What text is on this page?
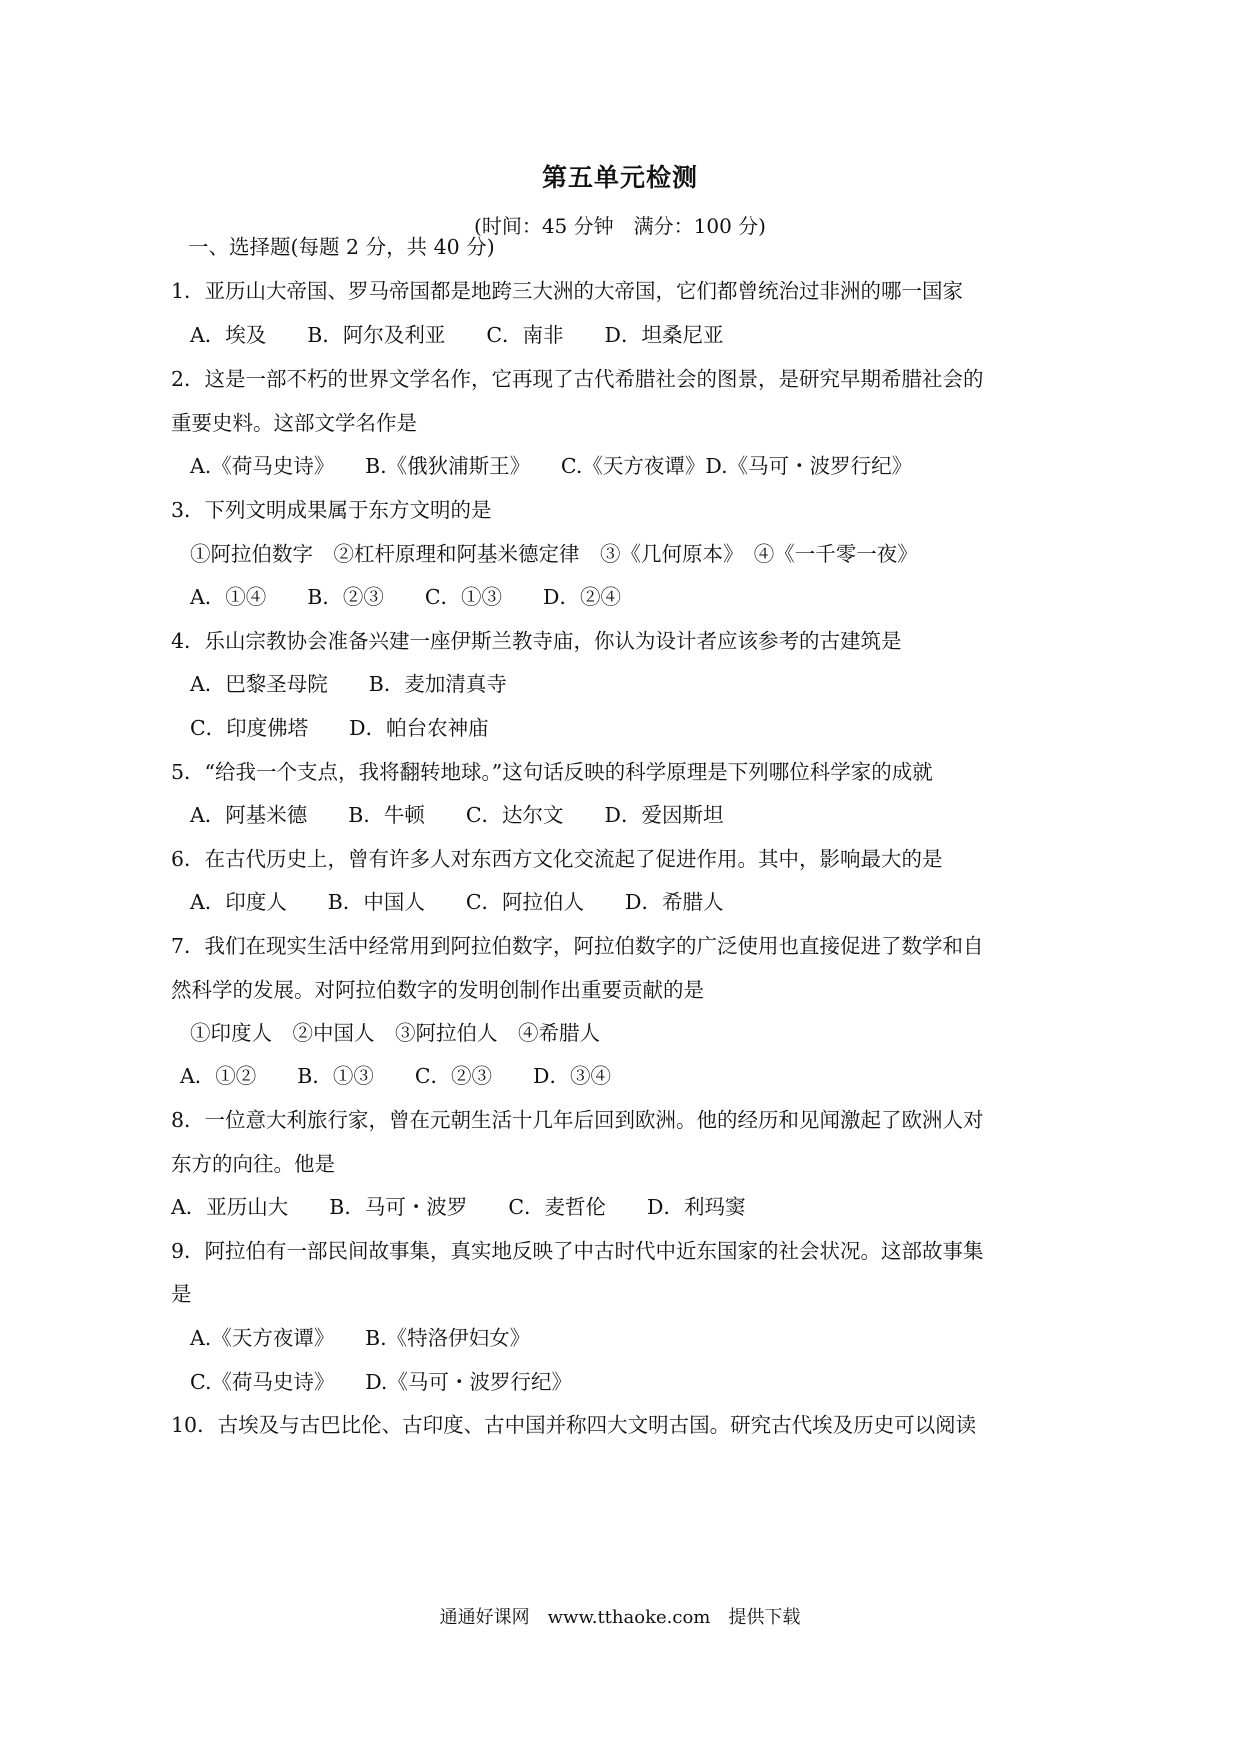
第五单元检测
(时间：45 分钟　满分：100 分)
一、选择题(每题 2 分，共 40 分)
1．亚历山大帝国、罗马帝国都是地跨三大洲的大帝国，它们都曾统治过非洲的哪一国家
A．埃及　　B．阿尔及利亚　　C．南非　　D．坦桑尼亚
2．这是一部不朽的世界文学名作，它再现了古代希腊社会的图景，是研究早期希腊社会的
重要史料。这部文学名作是
A.《荷马史诗》　　B.《俄狄浦斯王》　　C.《天方夜谭》D.《马可・波罗行纪》
3．下列文明成果属于东方文明的是
①阿拉伯数字　②杠杆原理和阿基米德定律　③《几何原本》　④《一千零一夜》
A．①④　　B．②③　　C．①③　　D．②④
4．乐山宗教协会准备兴建一座伊斯兰教寺庙，你认为设计者应该参考的古建筑是
A．巴黎圣母院　　B．麦加清真寺
C．印度佛塔　　D．帕台农神庙
5．“给我一个支点，我将翻转地球。”这句话反映的科学原理是下列哪位科学家的成就
A．阿基米德　　B．牛顿　　C．达尔文　　D．爱因斯坦
6．在古代历史上，曾有许多人对东西方文化交流起了促进作用。其中，影响最大的是
A．印度人　　B．中国人　　C．阿拉伯人　　D．希腊人
7．我们在现实生活中经常用到阿拉伯数字，阿拉伯数字的广泛使用也直接促进了数学和自
然科学的发展。对阿拉伯数字的发明创制作出重要贡献的是
①印度人　②中国人　③阿拉伯人　④希腊人
A．①②　　B．①③　　C．②③　　D．③④
8．一位意大利旅行家，曾在元朝生活十几年后回到欧洲。他的经历和见闻激起了欧洲人对
东方的向往。他是
A．亚历山大　　B．马可・波罗　　C．麦哲伦　　D．利玛窦
9．阿拉伯有一部民间故事集，真实地反映了中古时代中近东国家的社会状况。这部故事集
是
A.《天方夜谭》　　B.《特洛伊妇女》
C.《荷马史诗》　　D.《马可・波罗行纪》
10．古埃及与古巴比伦、古印度、古中国并称四大文明古国。研究古代埃及历史可以阅读
通通好课网　www.tthaoke.com　提供下载
